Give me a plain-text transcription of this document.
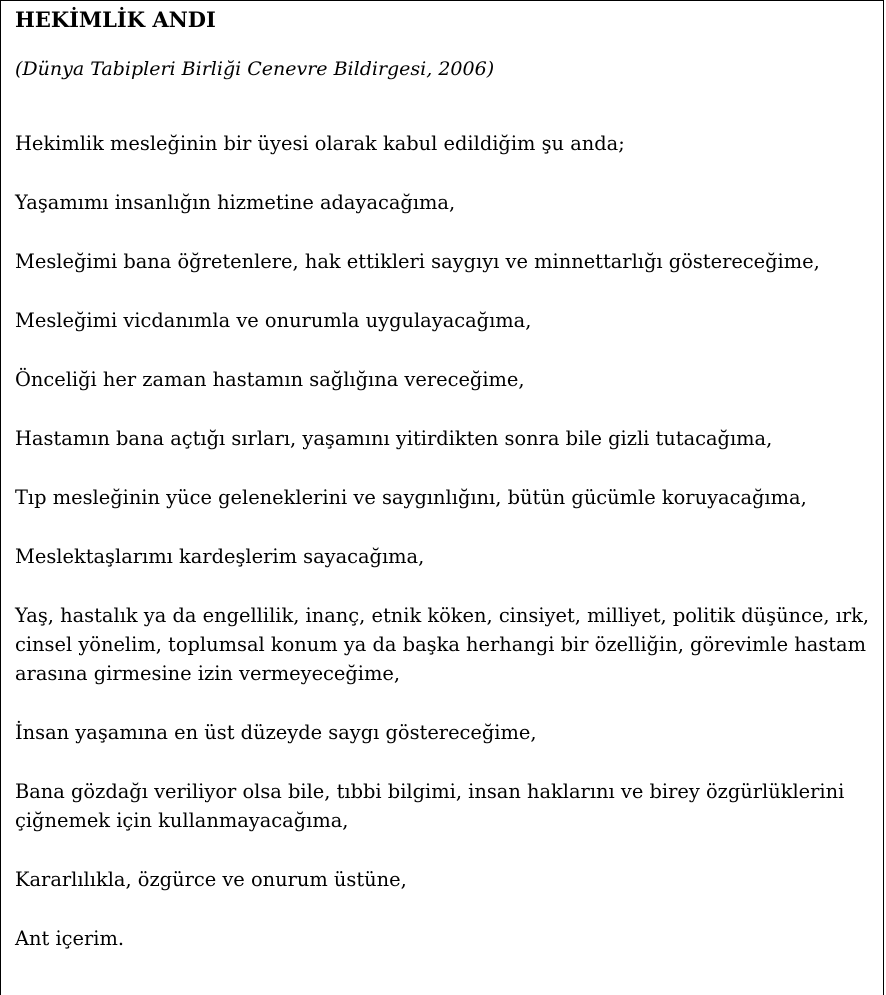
HEKİMLİK ANDI

(Dünya Tabipleri Birliği Cenevre Bildirgesi, 2006)

Hekimlik mesleğinin bir üyesi olarak kabul edildiğim şu anda;
Yaşamımı insanlığın hizmetine adayacağıma,
Mesleğimi bana öğretenlere, hak ettikleri saygıyı ve minnettarlığı göstereceğime,
Mesleğimi vicdanımla ve onurumla uygulayacağıma,
Önceliği her zaman hastamın sağlığına vereceğime,
Hastamın bana açtığı sırları, yaşamını yitirdikten sonra bile gizli tutacağıma,
Tıp mesleğinin yüce geleneklerini ve saygınlığını, bütün gücümle koruyacağıma,
Meslektaşlarımı kardeşlerim sayacağıma,
Yaş, hastalık ya da engellilik, inanç, etnik köken, cinsiyet, milliyet, politik düşünce, ırk, cinsel yönelim, toplumsal konum ya da başka herhangi bir özelliğin, görevimle hastam arasına girmesine izin vermeyeceğime,
İnsan yaşamına en üst düzeyde saygı göstereceğime,
Bana gözdağı veriliyor olsa bile, tıbbi bilgimi, insan haklarını ve birey özgürlüklerini çiğnemek için kullanmayacağıma,
Kararlılıkla, özgürce ve onurum üstüne,
Ant içerim.
